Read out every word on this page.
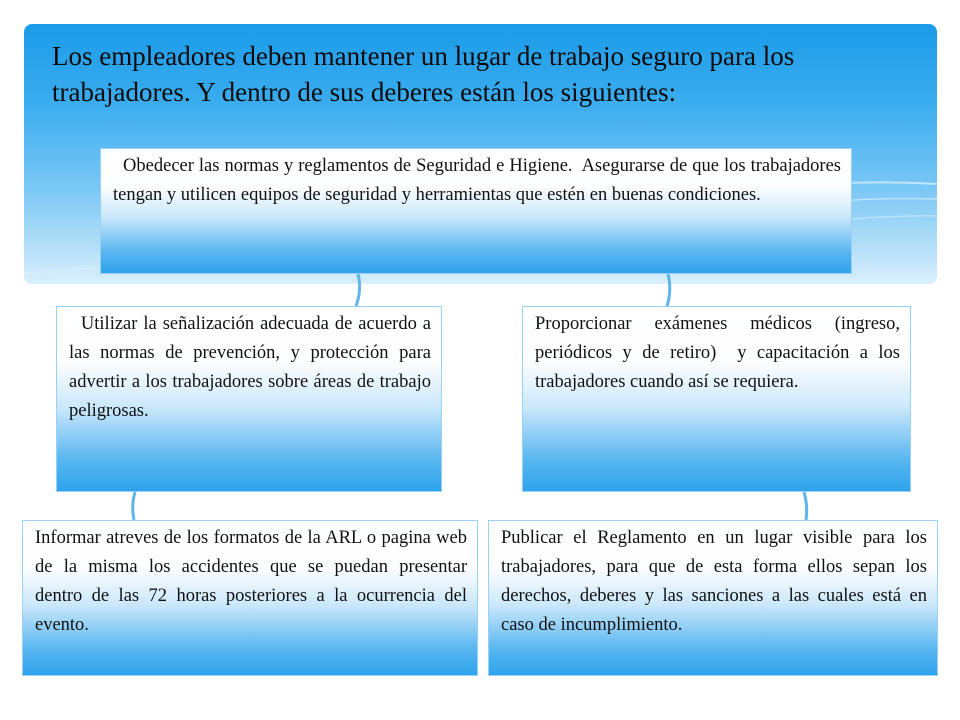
Los empleadores deben mantener un lugar de trabajo seguro para los trabajadores. Y dentro de sus deberes están los siguientes:
Obedecer las normas y reglamentos de Seguridad e Higiene.  Asegurarse de que los trabajadores tengan y utilicen equipos de seguridad y herramientas que estén en buenas condiciones.
Utilizar la señalización adecuada de acuerdo a las normas de prevención, y protección para advertir a los trabajadores sobre áreas de trabajo peligrosas.
Proporcionar exámenes médicos (ingreso, periódicos y de retiro)  y capacitación a los trabajadores cuando así se requiera.
Informar atreves de los formatos de la ARL o pagina web  de la misma los accidentes que se puedan presentar  dentro de las 72 horas posteriores a la ocurrencia del evento.
Publicar el Reglamento en un lugar visible para los trabajadores, para que de esta forma ellos sepan los derechos, deberes y las sanciones a las cuales está en caso de incumplimiento.
